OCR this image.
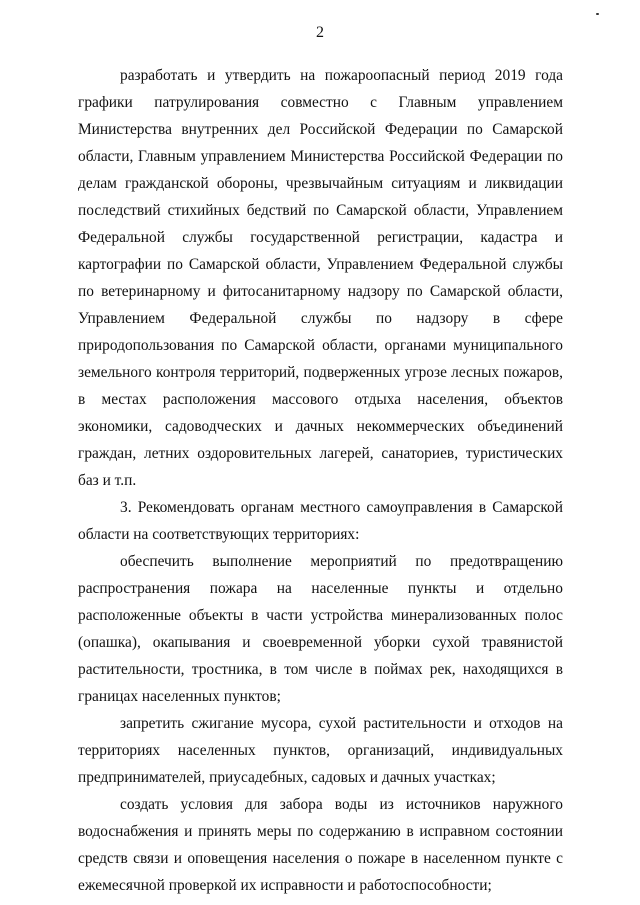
2

разработать и утвердить на пожароопасный период 2019 года графики патрулирования совместно с Главным управлением Министерства внутренних дел Российской Федерации по Самарской области, Главным управлением Министерства Российской Федерации по делам гражданской обороны, чрезвычайным ситуациям и ликвидации последствий стихийных бедствий по Самарской области, Управлением Федеральной службы государственной регистрации, кадастра и картографии по Самарской области, Управлением Федеральной службы по ветеринарному и фитосанитарному надзору по Самарской области, Управлением Федеральной службы по надзору в сфере природопользования по Самарской области, органами муниципального земельного контроля территорий, подверженных угрозе лесных пожаров, в местах расположения массового отдыха населения, объектов экономики, садоводческих и дачных некоммерческих объединений граждан, летних оздоровительных лагерей, санаториев, туристических баз и т.п.

3. Рекомендовать органам местного самоуправления в Самарской области на соответствующих территориях:

обеспечить выполнение мероприятий по предотвращению распространения пожара на населенные пункты и отдельно расположенные объекты в части устройства минерализованных полос (опашка), окапывания и своевременной уборки сухой травянистой растительности, тростника, в том числе в поймах рек, находящихся в границах населенных пунктов;

запретить сжигание мусора, сухой растительности и отходов на территориях населенных пунктов, организаций, индивидуальных предпринимателей, приусадебных, садовых и дачных участках;

создать условия для забора воды из источников наружного водоснабжения и принять меры по содержанию в исправном состоянии средств связи и оповещения населения о пожаре в населенном пункте с ежемесячной проверкой их исправности и работоспособности;
